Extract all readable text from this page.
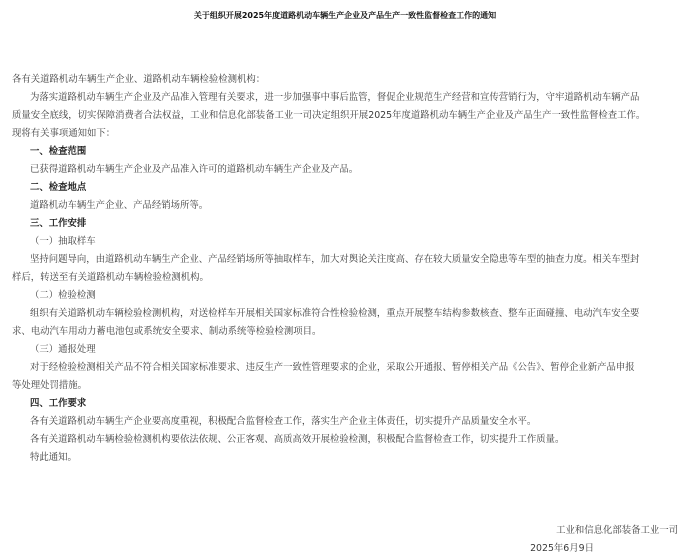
关于组织开展2025年度道路机动车辆生产企业及产品生产一致性监督检查工作的通知
各有关道路机动车辆生产企业、道路机动车辆检验检测机构：
为落实道路机动车辆生产企业及产品准入管理有关要求，进一步加强事中事后监管，督促企业规范生产经营和宣传营销行为，守牢道路机动车辆产品
质量安全底线，切实保障消费者合法权益，工业和信息化部装备工业一司决定组织开展2025年度道路机动车辆生产企业及产品生产一致性监督检查工作。
现将有关事项通知如下：
一、检查范围
已获得道路机动车辆生产企业及产品准入许可的道路机动车辆生产企业及产品。
二、检查地点
道路机动车辆生产企业、产品经销场所等。
三、工作安排
（一）抽取样车
坚持问题导向，由道路机动车辆生产企业、产品经销场所等抽取样车，加大对舆论关注度高、存在较大质量安全隐患等车型的抽查力度。相关车型封
样后，转送至有关道路机动车辆检验检测机构。
（二）检验检测
组织有关道路机动车辆检验检测机构，对送检样车开展相关国家标准符合性检验检测，重点开展整车结构参数核查、整车正面碰撞、电动汽车安全要
求、电动汽车用动力蓄电池包或系统安全要求、制动系统等检验检测项目。
（三）通报处理
对于经检验检测相关产品不符合相关国家标准要求、违反生产一致性管理要求的企业，采取公开通报、暂停相关产品《公告》、暂停企业新产品申报
等处理处罚措施。
四、工作要求
各有关道路机动车辆生产企业要高度重视，积极配合监督检查工作，落实生产企业主体责任，切实提升产品质量安全水平。
各有关道路机动车辆检验检测机构要依法依规、公正客观、高质高效开展检验检测，积极配合监督检查工作，切实提升工作质量。
特此通知。
工业和信息化部装备工业一司
2025年6月9日
